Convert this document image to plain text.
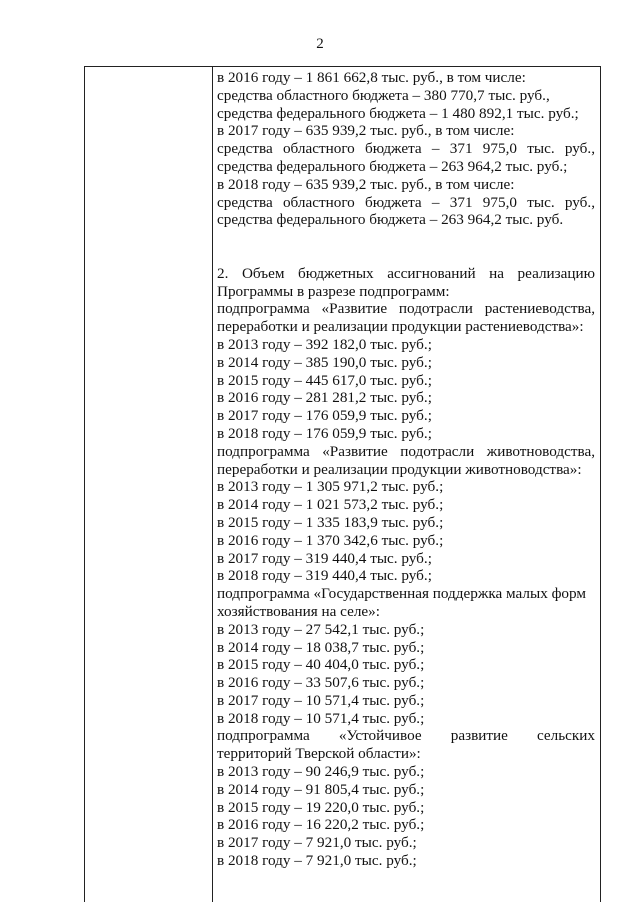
2
в 2016 году – 1 861 662,8 тыс. руб., в том числе:
средства областного бюджета – 380 770,7 тыс. руб.,
средства федерального бюджета – 1 480 892,1 тыс. руб.;
в 2017 году – 635 939,2 тыс. руб., в том числе:
средства областного бюджета – 371 975,0 тыс. руб.,
средства федерального бюджета – 263 964,2 тыс. руб.;
в 2018 году – 635 939,2 тыс. руб., в том числе:
средства областного бюджета – 371 975,0 тыс. руб.,
средства федерального бюджета – 263 964,2 тыс. руб.
2. Объем бюджетных ассигнований на реализацию
Программы в разрезе подпрограмм:
подпрограмма «Развитие подотрасли растениеводства,
переработки и реализации продукции растениеводства»:
в 2013 году – 392 182,0 тыс. руб.;
в 2014 году – 385 190,0 тыс. руб.;
в 2015 году – 445 617,0 тыс. руб.;
в 2016 году – 281 281,2 тыс. руб.;
в 2017 году – 176 059,9 тыс. руб.;
в 2018 году – 176 059,9 тыс. руб.;
подпрограмма «Развитие подотрасли животноводства,
переработки и реализации продукции животноводства»:
в 2013 году – 1 305 971,2 тыс. руб.;
в 2014 году – 1 021 573,2 тыс. руб.;
в 2015 году – 1 335 183,9 тыс. руб.;
в 2016 году – 1 370 342,6 тыс. руб.;
в 2017 году – 319 440,4 тыс. руб.;
в 2018 году – 319 440,4 тыс. руб.;
подпрограмма «Государственная поддержка малых форм
хозяйствования на селе»:
в 2013 году – 27 542,1 тыс. руб.;
в 2014 году – 18 038,7 тыс. руб.;
в 2015 году – 40 404,0 тыс. руб.;
в 2016 году – 33 507,6 тыс. руб.;
в 2017 году – 10 571,4 тыс. руб.;
в 2018 году – 10 571,4 тыс. руб.;
подпрограмма «Устойчивое развитие сельских
территорий Тверской области»:
в 2013 году – 90 246,9 тыс. руб.;
в 2014 году – 91 805,4 тыс. руб.;
в 2015 году – 19 220,0 тыс. руб.;
в 2016 году – 16 220,2 тыс. руб.;
в 2017 году – 7 921,0 тыс. руб.;
в 2018 году – 7 921,0 тыс. руб.;
